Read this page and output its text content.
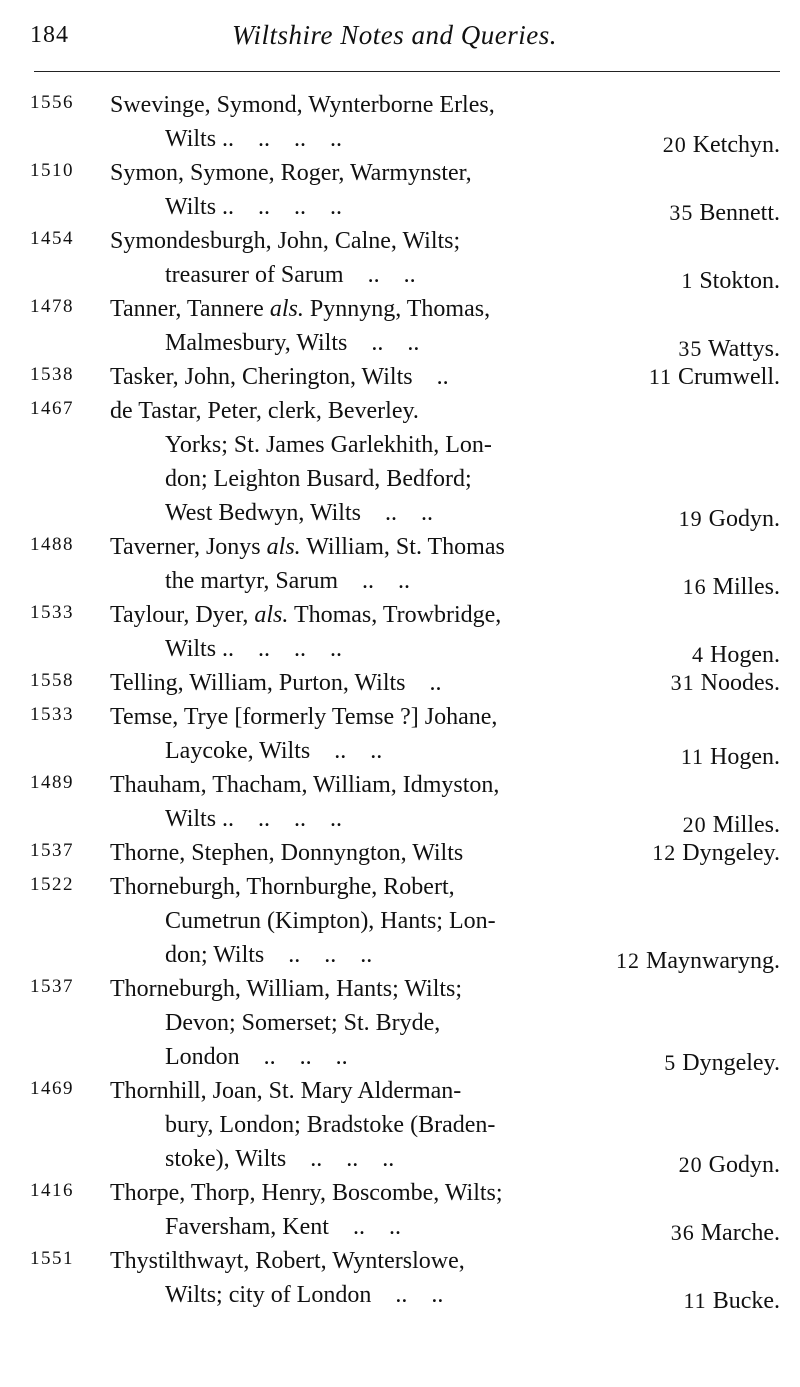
184	Wiltshire Notes and Queries.
1556 Swevinge, Symond, Wynterborne Erles,
Wilts ..    ..    ..    ..	20 Ketchyn.
1510 Symon, Symone, Roger, Warmynster,
Wilts ..    ..    ..    ..	35 Bennett.
1454 Symondesburgh, John, Calne, Wilts;
treasurer of Sarum    ..    ..	1 Stokton.
1478 Tanner, Tannere als. Pynnyng, Thomas,
Malmesbury, Wilts    ..    ..	35 Wattys.
1538 Tasker, John, Cherington, Wilts    ..	11 Crumwell.
1467 de Tastar, Peter, clerk, Beverley.
Yorks; St. James Garlekhith, Lon-
don; Leighton Busard, Bedford;
West Bedwyn, Wilts    ..    ..	19 Godyn.
1488 Taverner, Jonys als. William, St. Thomas
the martyr, Sarum    ..    ..	16 Milles.
1533 Taylour, Dyer, als. Thomas, Trowbridge,
Wilts ..    ..    ..    ..	4 Hogen.
1558 Telling, William, Purton, Wilts    ..	31 Noodes.
1533 Temse, Trye [formerly Temse ?] Johane,
Laycoke, Wilts    ..    ..	11 Hogen.
1489 Thauham, Thacham, William, Idmyston,
Wilts ..    ..    ..    ..	20 Milles.
1537 Thorne, Stephen, Donnyngton, Wilts	12 Dyngeley.
1522 Thorneburgh, Thornburghe, Robert,
Cumetrun (Kimpton), Hants; Lon-
don; Wilts    ..    ..    ..	12 Maynwaryng.
1537 Thorneburgh, William, Hants; Wilts;
Devon; Somerset; St. Bryde,
London    ..    ..    ..	5 Dyngeley.
1469 Thornhill, Joan, St. Mary Alderman-
bury, London; Bradstoke (Braden-
stoke), Wilts    ..    ..    ..	20 Godyn.
1416 Thorpe, Thorp, Henry, Boscombe, Wilts;
Faversham, Kent    ..    ..	36 Marche.
1551 Thystilthwayt, Robert, Wynterslowe,
Wilts; city of London    ..    ..	11 Bucke.
